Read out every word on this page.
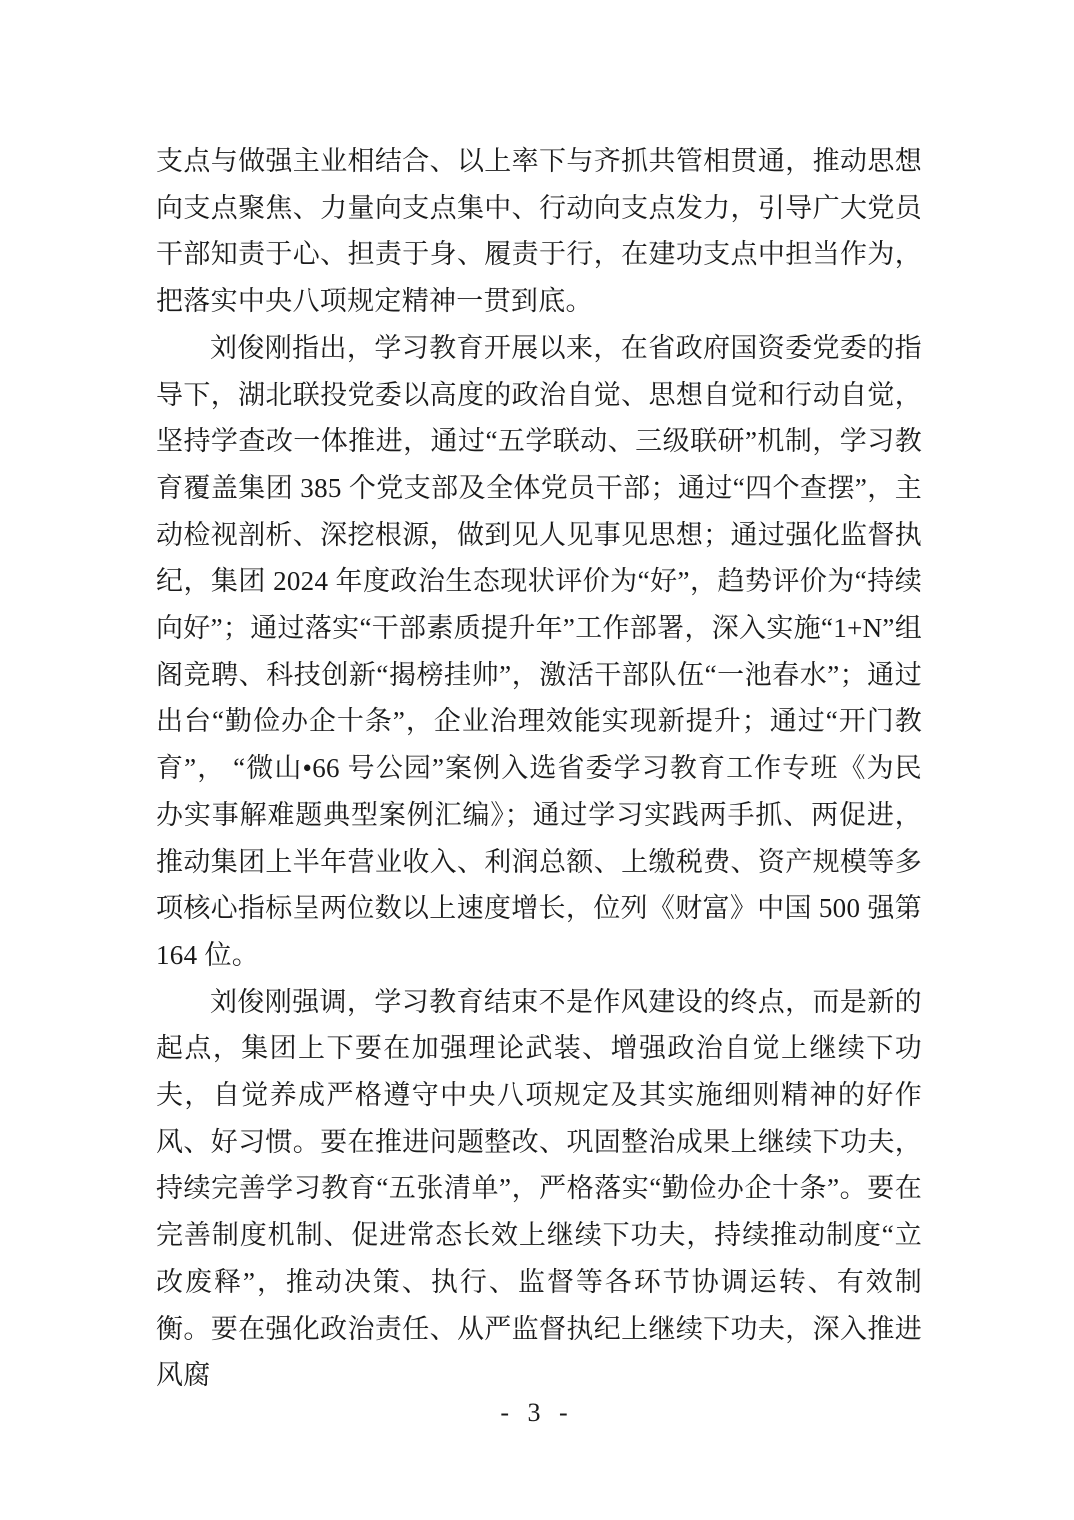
支点与做强主业相结合、以上率下与齐抓共管相贯通，推动思想向支点聚焦、力量向支点集中、行动向支点发力，引导广大党员干部知责于心、担责于身、履责于行，在建功支点中担当作为，把落实中央八项规定精神一贯到底。

刘俊刚指出，学习教育开展以来，在省政府国资委党委的指导下，湖北联投党委以高度的政治自觉、思想自觉和行动自觉，坚持学查改一体推进，通过“五学联动、三级联研”机制，学习教育覆盖集团 385 个党支部及全体党员干部；通过“四个查摆”，主动检视剖析、深挖根源，做到见人见事见思想；通过强化监督执纪，集团 2024 年度政治生态现状评价为“好”，趋势评价为“持续向好”；通过落实“干部素质提升年”工作部署，深入实施“1+N”组阁竞聘、科技创新“揭榜挂帅”，激活干部队伍“一池春水”；通过出台“勤俭办企十条”，企业治理效能实现新提升；通过“开门教育”， “微山•66 号公园”案例入选省委学习教育工作专班《为民办实事解难题典型案例汇编》；通过学习实践两手抓、两促进，推动集团上半年营业收入、利润总额、上缴税费、资产规模等多项核心指标呈两位数以上速度增长，位列《财富》中国 500 强第 164 位。

刘俊刚强调，学习教育结束不是作风建设的终点，而是新的起点，集团上下要在加强理论武装、增强政治自觉上继续下功夫，自觉养成严格遵守中央八项规定及其实施细则精神的好作风、好习惯。要在推进问题整改、巩固整治成果上继续下功夫，持续完善学习教育“五张清单”，严格落实“勤俭办企十条”。要在完善制度机制、促进常态长效上继续下功夫，持续推动制度“立改废释”，推动决策、执行、监督等各环节协调运转、有效制衡。要在强化政治责任、从严监督执纪上继续下功夫，深入推进风腐

- 3 -
